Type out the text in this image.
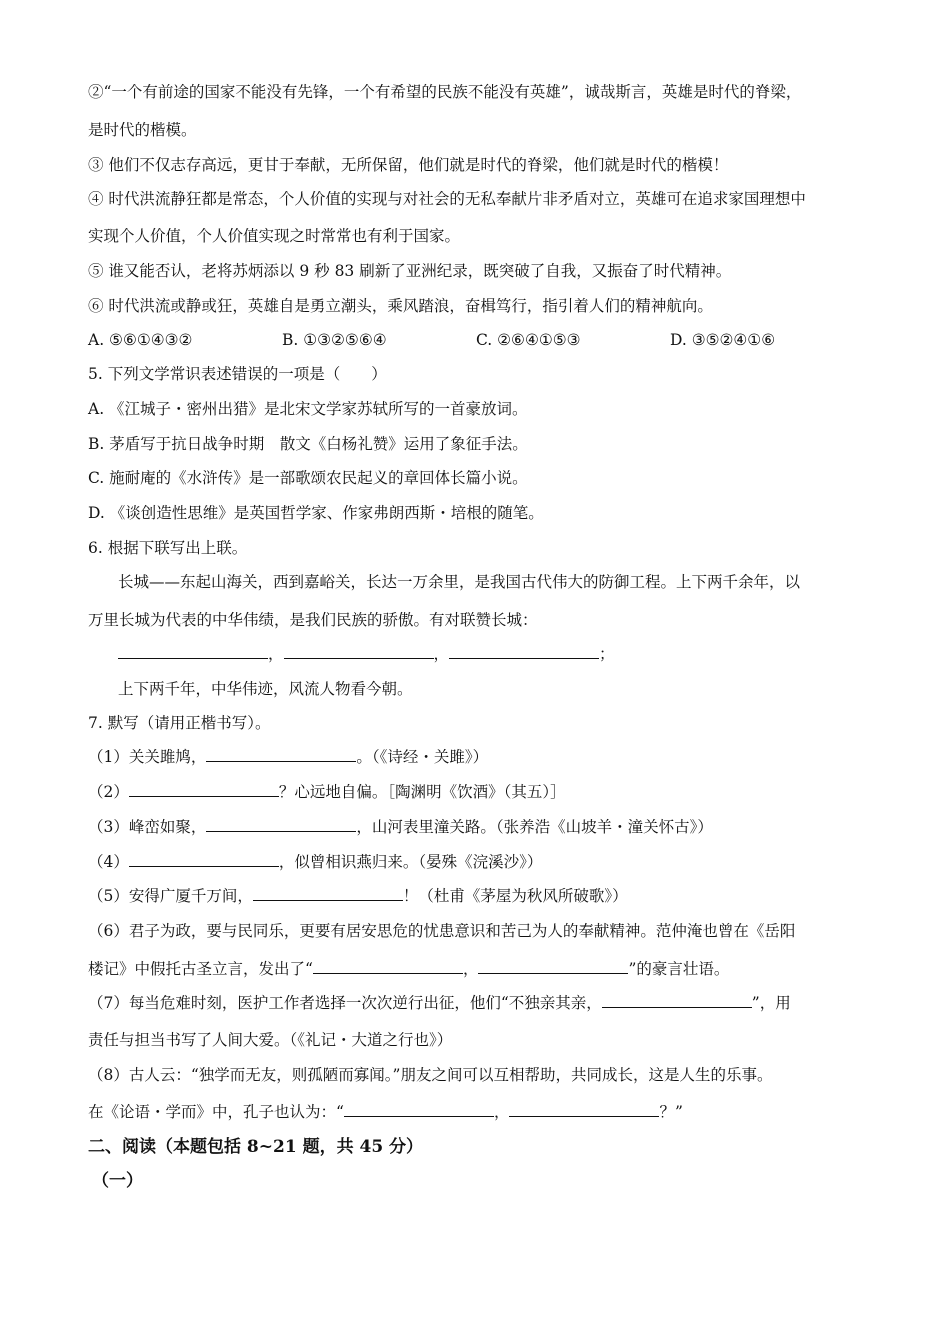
②“一个有前途的国家不能没有先锋，一个有希望的民族不能没有英雄”，诚哉斯言，英雄是时代的脊梁，
是时代的楷模。
③ 他们不仅志存高远，更甘于奉献，无所保留，他们就是时代的脊梁，他们就是时代的楷模！
④ 时代洪流静狂都是常态，个人价值的实现与对社会的无私奉献片非矛盾对立，英雄可在追求家国理想中
实现个人价值，个人价值实现之时常常也有利于国家。
⑤ 谁又能否认，老将苏炳添以 9 秒 83 刷新了亚洲纪录，既突破了自我，又振奋了时代精神。
⑥ 时代洪流或静或狂，英雄自是勇立潮头，乘风踏浪，奋楫笃行，指引着人们的精神航向。
A. ⑤⑥①④③②	B. ①③②⑤⑥④	C. ②⑥④①⑤③	D. ③⑤②④①⑥
5. 下列文学常识表述错误的一项是（　　）
A. 《江城子・密州出猎》是北宋文学家苏轼所写的一首豪放词。
B. 茅盾写于抗日战争时期　散文《白杨礼赞》运用了象征手法。
C. 施耐庵的《水浒传》是一部歌颂农民起义的章回体长篇小说。
D. 《谈创造性思维》是英国哲学家、作家弗朗西斯・培根的随笔。
6. 根据下联写出上联。
长城——东起山海关，西到嘉峪关，长达一万余里，是我国古代伟大的防御工程。上下两千余年，以
万里长城为代表的中华伟绩，是我们民族的骄傲。有对联赞长城：
，	，	；
上下两千年，中华伟迹，风流人物看今朝。
7. 默写（请用正楷书写）。
（1）关关雎鸠，	。（《诗经・关雎》）
（2）	？心远地自偏。［陶渊明《饮酒》（其五）］
（3）峰峦如聚，	，山河表里潼关路。（张养浩《山坡羊・潼关怀古》）
（4）	，似曾相识燕归来。（晏殊《浣溪沙》）
（5）安得广厦千万间，	！（杜甫《茅屋为秋风所破歌》）
（6）君子为政，要与民同乐，更要有居安思危的忧患意识和苦己为人的奉献精神。范仲淹也曾在《岳阳
楼记》中假托古圣立言，发出了“	，	”的豪言壮语。
（7）每当危难时刻，医护工作者选择一次次逆行出征，他们“不独亲其亲，	”，用
责任与担当书写了人间大爱。（《礼记・大道之行也》）
（8）古人云：“独学而无友，则孤陋而寡闻。”朋友之间可以互相帮助，共同成长，这是人生的乐事。
在《论语・学而》中，孔子也认为：“	，	？”
二、阅读（本题包括 8~21 题，共 45 分）
（一）
